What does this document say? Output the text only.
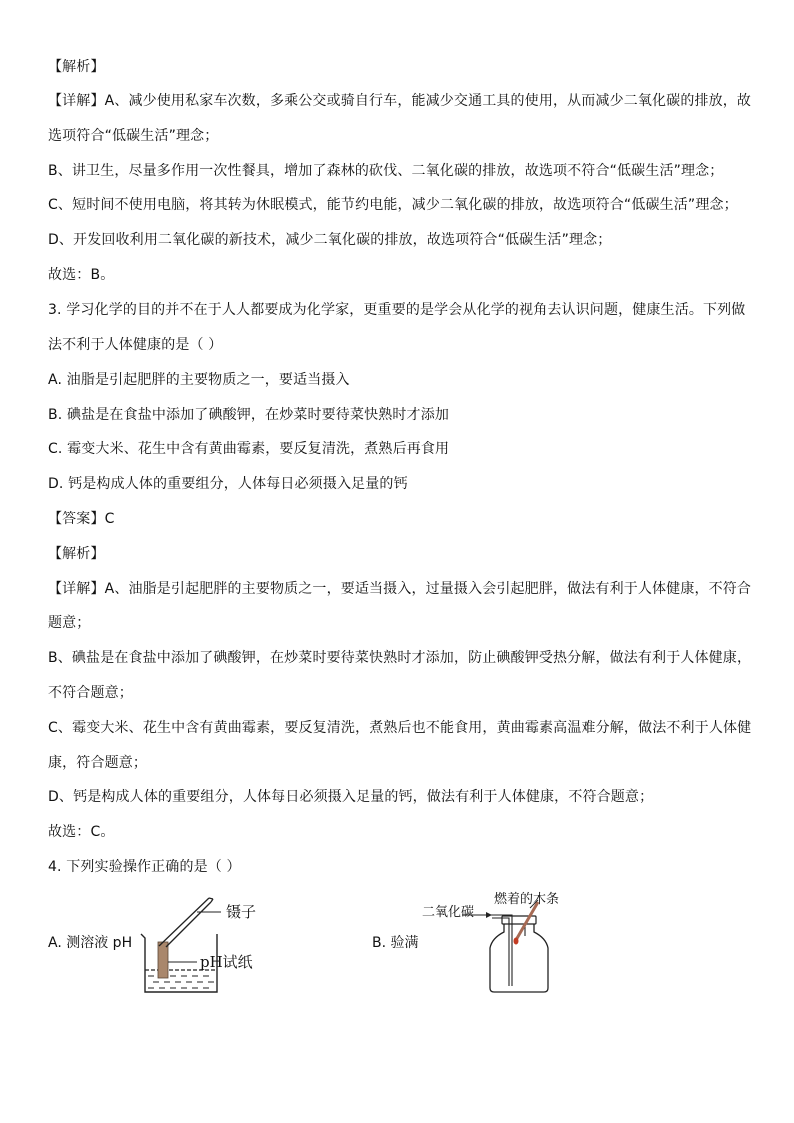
【解析】
【详解】A、减少使用私家车次数，多乘公交或骑自行车，能减少交通工具的使用，从而减少二氧化碳的排放，故
选项符合“低碳生活”理念；
B、讲卫生，尽量多作用一次性餐具，增加了森林的砍伐、二氧化碳的排放，故选项不符合“低碳生活”理念；
C、短时间不使用电脑，将其转为休眠模式，能节约电能，减少二氧化碳的排放，故选项符合“低碳生活”理念；
D、开发回收利用二氧化碳的新技术，减少二氧化碳的排放，故选项符合“低碳生活”理念；
故选：B。
3. 学习化学的目的并不在于人人都要成为化学家，更重要的是学会从化学的视角去认识问题，健康生活。下列做
法不利于人体健康的是（ ）
A. 油脂是引起肥胖的主要物质之一，要适当摄入
B. 碘盐是在食盐中添加了碘酸钾，在炒菜时要待菜快熟时才添加
C. 霉变大米、花生中含有黄曲霉素，要反复清洗，煮熟后再食用
D. 钙是构成人体的重要组分，人体每日必须摄入足量的钙
【答案】C
【解析】
【详解】A、油脂是引起肥胖的主要物质之一，要适当摄入，过量摄入会引起肥胖，做法有利于人体健康，不符合
题意；
B、碘盐是在食盐中添加了碘酸钾，在炒菜时要待菜快熟时才添加，防止碘酸钾受热分解，做法有利于人体健康，
不符合题意；
C、霉变大米、花生中含有黄曲霉素，要反复清洗，煮熟后也不能食用，黄曲霉素高温难分解，做法不利于人体健
康，符合题意；
D、钙是构成人体的重要组分，人体每日必须摄入足量的钙，做法有利于人体健康，不符合题意；
故选：C。
4. 下列实验操作正确的是（ ）
A. 测溶液 pH	B. 验满
镊子
pH试纸
二氧化碳
燃着的木条
